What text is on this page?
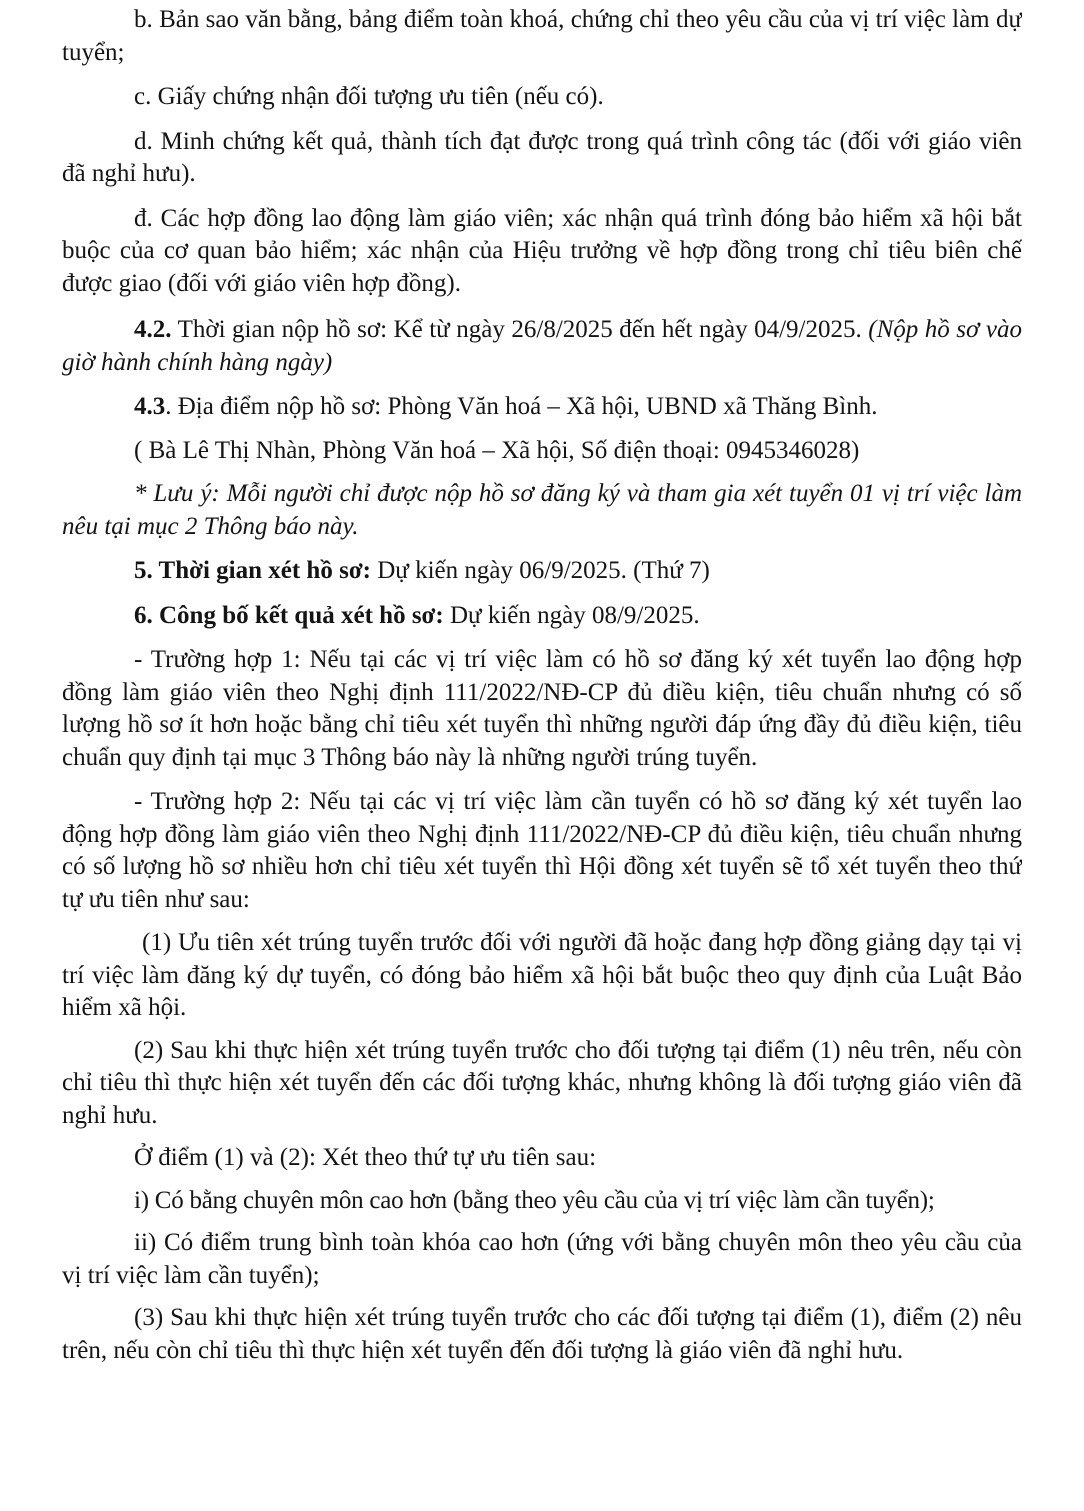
b. Bản sao văn bằng, bảng điểm toàn khoá, chứng chỉ theo yêu cầu của vị trí việc làm dự tuyển;

c. Giấy chứng nhận đối tượng ưu tiên (nếu có).

d. Minh chứng kết quả, thành tích đạt được trong quá trình công tác (đối với giáo viên đã nghỉ hưu).

đ. Các hợp đồng lao động làm giáo viên; xác nhận quá trình đóng bảo hiểm xã hội bắt buộc của cơ quan bảo hiểm; xác nhận của Hiệu trưởng về hợp đồng trong chỉ tiêu biên chế được giao (đối với giáo viên hợp đồng).

4.2. Thời gian nộp hồ sơ: Kể từ ngày 26/8/2025 đến hết ngày 04/9/2025. (Nộp hồ sơ vào giờ hành chính hàng ngày)

4.3. Địa điểm nộp hồ sơ: Phòng Văn hoá – Xã hội, UBND xã Thăng Bình.

( Bà Lê Thị Nhàn, Phòng Văn hoá – Xã hội, Số điện thoại: 0945346028)

* Lưu ý: Mỗi người chỉ được nộp hồ sơ đăng ký và tham gia xét tuyển 01 vị trí việc làm nêu tại mục 2 Thông báo này.

5. Thời gian xét hồ sơ: Dự kiến ngày 06/9/2025. (Thứ 7)

6. Công bố kết quả xét hồ sơ: Dự kiến ngày 08/9/2025.

- Trường hợp 1: Nếu tại các vị trí việc làm có hồ sơ đăng ký xét tuyển lao động hợp đồng làm giáo viên theo Nghị định 111/2022/NĐ-CP đủ điều kiện, tiêu chuẩn nhưng có số lượng hồ sơ ít hơn hoặc bằng chỉ tiêu xét tuyển thì những người đáp ứng đầy đủ điều kiện, tiêu chuẩn quy định tại mục 3 Thông báo này là những người trúng tuyển.

- Trường hợp 2: Nếu tại các vị trí việc làm cần tuyển có hồ sơ đăng ký xét tuyển lao động hợp đồng làm giáo viên theo Nghị định 111/2022/NĐ-CP đủ điều kiện, tiêu chuẩn nhưng có số lượng hồ sơ nhiều hơn chỉ tiêu xét tuyển thì Hội đồng xét tuyển sẽ tổ xét tuyển theo thứ tự ưu tiên như sau:

(1) Ưu tiên xét trúng tuyển trước đối với người đã hoặc đang hợp đồng giảng dạy tại vị trí việc làm đăng ký dự tuyển, có đóng bảo hiểm xã hội bắt buộc theo quy định của Luật Bảo hiểm xã hội.

(2) Sau khi thực hiện xét trúng tuyển trước cho đối tượng tại điểm (1) nêu trên, nếu còn chỉ tiêu thì thực hiện xét tuyển đến các đối tượng khác, nhưng không là đối tượng giáo viên đã nghỉ hưu.

Ở điểm (1) và (2): Xét theo thứ tự ưu tiên sau:

i) Có bằng chuyên môn cao hơn (bằng theo yêu cầu của vị trí việc làm cần tuyển);

ii) Có điểm trung bình toàn khóa cao hơn (ứng với bằng chuyên môn theo yêu cầu của vị trí việc làm cần tuyển);

(3) Sau khi thực hiện xét trúng tuyển trước cho các đối tượng tại điểm (1), điểm (2) nêu trên, nếu còn chỉ tiêu thì thực hiện xét tuyển đến đối tượng là giáo viên đã nghỉ hưu.
